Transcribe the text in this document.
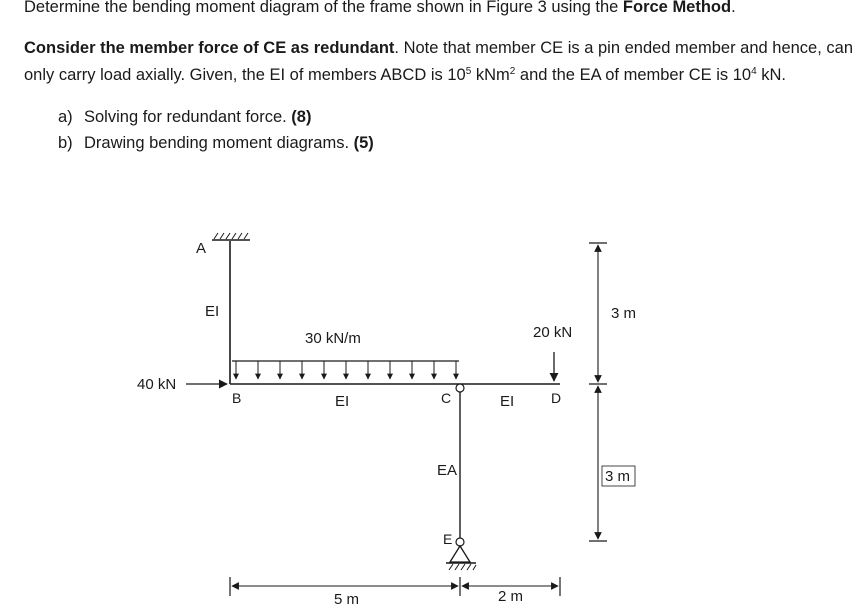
Determine the bending moment diagram of the frame shown in Figure 3 using the Force Method.
Consider the member force of CE as redundant. Note that member CE is a pin ended member and hence, can
only carry load axially. Given, the EI of members ABCD is $10^5$ kNm$^2$ and the EA of member CE is $10^4$ kN.
a) Solving for redundant force. (8)
b) Drawing bending moment diagrams. (5)
A
B	C	D
E
EI
EI	EI
EA
30 kN/m
40 kN
20 kN
3 m
3 m
5 m	2 m
